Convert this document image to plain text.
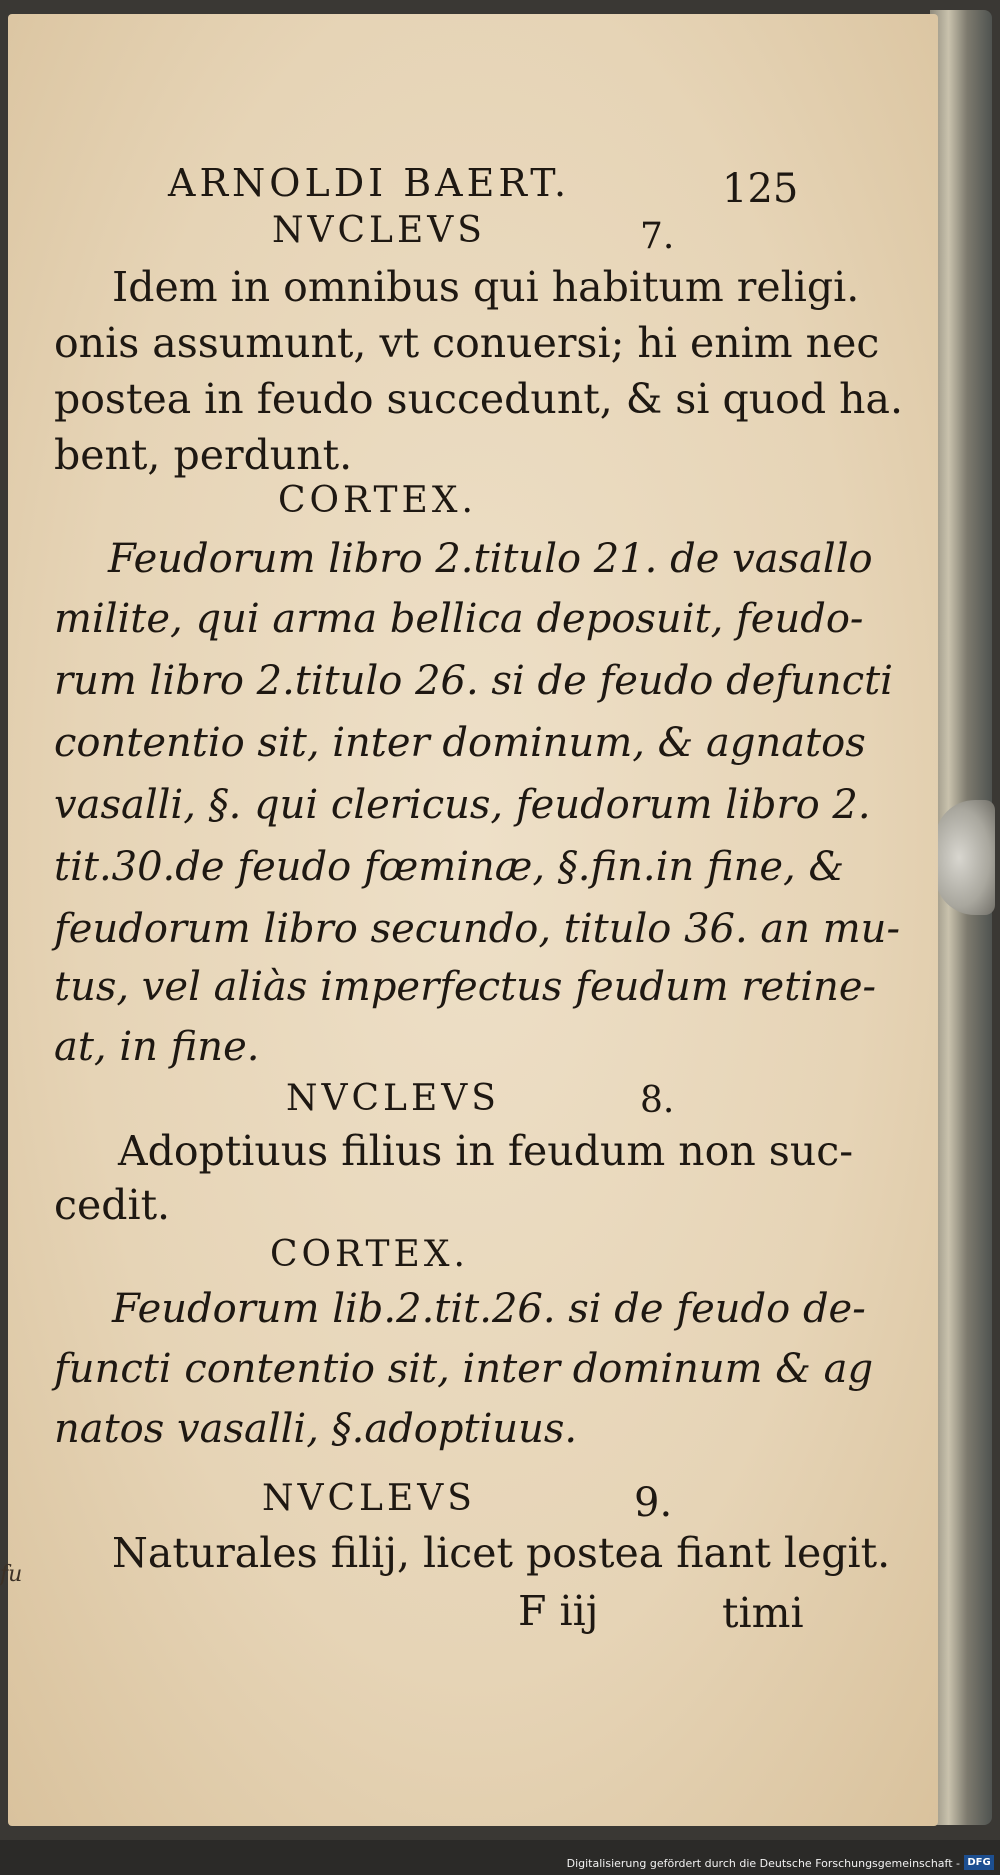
ARNOLDI BAERT.	125
NVCLEVS	7.
Idem in omnibus qui habitum religi.
onis assumunt, vt conuersi; hi enim nec
postea in feudo succedunt, & si quod ha.
bent, perdunt.
CORTEX.
Feudorum libro 2.titulo 21. de vasallo
milite, qui arma bellica deposuit, feudo-
rum libro 2.titulo 26. si de feudo defuncti
contentio sit, inter dominum, & agnatos
vasalli, §. qui clericus, feudorum libro 2.
tit.30.de feudo fœminæ, §.fin.in fine, &
feudorum libro secundo, titulo 36. an mu-
tus, vel aliàs imperfectus feudum retine-
at, in fine.
NVCLEVS	8.
Adoptiuus filius in feudum non suc-
cedit.
CORTEX.
Feudorum lib.2.tit.26. si de feudo de-
functi contentio sit, inter dominum & ag
natos vasalli, §.adoptiuus.
NVCLEVS	9.
Naturales filij, licet postea fiant legit.
F iij	timi
fu
Digitalisierung gefördert durch die Deutsche Forschungsgemeinschaft - DFG
